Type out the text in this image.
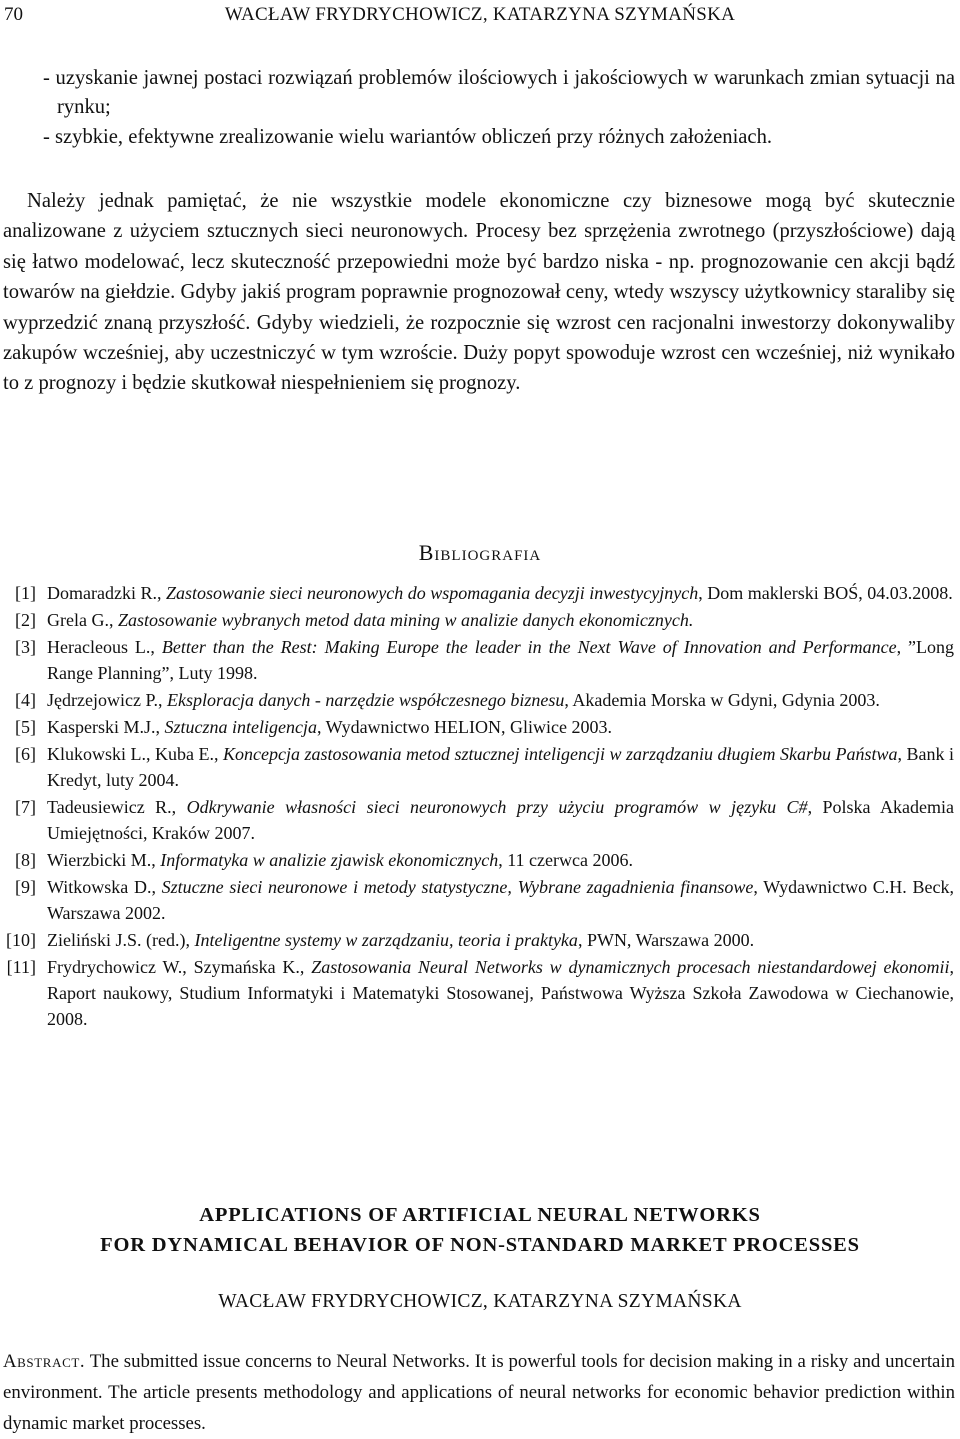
70	WACŁAW FRYDRYCHOWICZ, KATARZYNA SZYMAŃSKA
- uzyskanie jawnej postaci rozwiązań problemów ilościowych i jakościowych w warunkach zmian sytuacji na rynku;
- szybkie, efektywne zrealizowanie wielu wariantów obliczeń przy różnych założeniach.

Należy jednak pamiętać, że nie wszystkie modele ekonomiczne czy biznesowe mogą być skutecznie analizowane z użyciem sztucznych sieci neuronowych. Procesy bez sprzężenia zwrotnego (przyszłościowe) dają się łatwo modelować, lecz skuteczność przepowiedni może być bardzo niska - np. prognozowanie cen akcji bądź towarów na giełdzie. Gdyby jakiś program poprawnie prognozował ceny, wtedy wszyscy użytkownicy staraliby się wyprzedzić znaną przyszłość. Gdyby wiedzieli, że rozpocznie się wzrost cen racjonalni inwestorzy dokonywaliby zakupów wcześniej, aby uczestniczyć w tym wzroście. Duży popyt spowoduje wzrost cen wcześniej, niż wynikało to z prognozy i będzie skutkował niespełnieniem się prognozy.

Bibliografia
[1] Domaradzki R., Zastosowanie sieci neuronowych do wspomagania decyzji inwestycyjnych, Dom maklerski BOŚ, 04.03.2008.
[2] Grela G., Zastosowanie wybranych metod data mining w analizie danych ekonomicznych.
[3] Heracleous L., Better than the Rest: Making Europe the leader in the Next Wave of Innovation and Performance, ”Long Range Planning”, Luty 1998.
[4] Jędrzejowicz P., Eksploracja danych - narzędzie współczesnego biznesu, Akademia Morska w Gdyni, Gdynia 2003.
[5] Kasperski M.J., Sztuczna inteligencja, Wydawnictwo HELION, Gliwice 2003.
[6] Klukowski L., Kuba E., Koncepcja zastosowania metod sztucznej inteligencji w zarządzaniu długiem Skarbu Państwa, Bank i Kredyt, luty 2004.
[7] Tadeusiewicz R., Odkrywanie własności sieci neuronowych przy użyciu programów w języku C#, Polska Akademia Umiejętności, Kraków 2007.
[8] Wierzbicki M., Informatyka w analizie zjawisk ekonomicznych, 11 czerwca 2006.
[9] Witkowska D., Sztuczne sieci neuronowe i metody statystyczne, Wybrane zagadnienia finansowe, Wydawnictwo C.H. Beck, Warszawa 2002.
[10] Zieliński J.S. (red.), Inteligentne systemy w zarządzaniu, teoria i praktyka, PWN, Warszawa 2000.
[11] Frydrychowicz W., Szymańska K., Zastosowania Neural Networks w dynamicznych procesach niestandardowej ekonomii, Raport naukowy, Studium Informatyki i Matematyki Stosowanej, Państwowa Wyższa Szkoła Zawodowa w Ciechanowie, 2008.
APPLICATIONS OF ARTIFICIAL NEURAL NETWORKS
FOR DYNAMICAL BEHAVIOR OF NON-STANDARD MARKET PROCESSES
WACŁAW FRYDRYCHOWICZ, KATARZYNA SZYMAŃSKA

Abstract. The submitted issue concerns to Neural Networks. It is powerful tools for decision making in a risky and uncertain environment. The article presents methodology and applications of neural networks for economic behavior prediction within dynamic market processes.
